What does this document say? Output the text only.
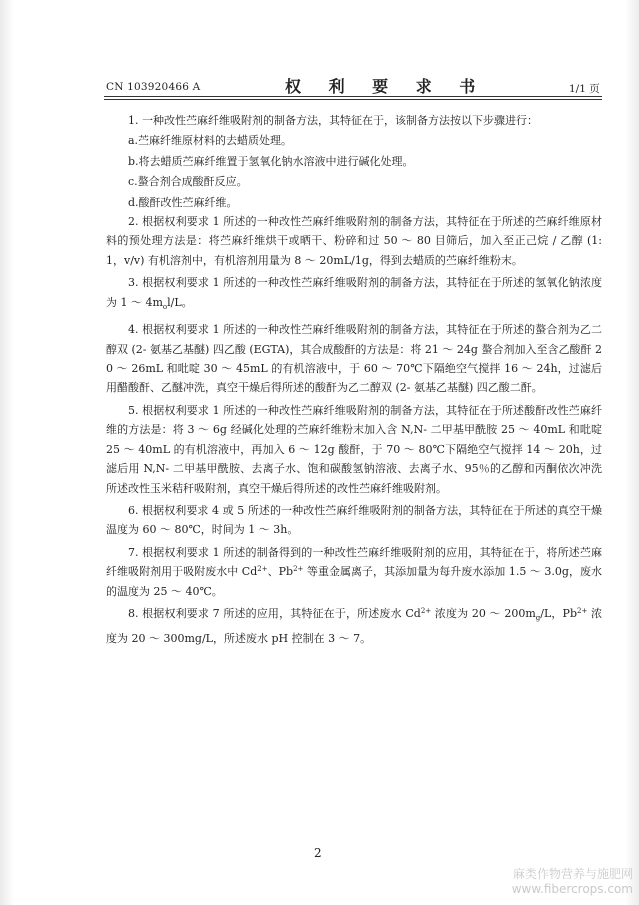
CN 103920466 A	权 利 要 求 书	1/1 页
1. 一种改性苎麻纤维吸附剂的制备方法，其特征在于，该制备方法按以下步骤进行：
a.苎麻纤维原材料的去蜡质处理。
b.将去蜡质苎麻纤维置于氢氧化钠水溶液中进行碱化处理。
c.螯合剂合成酸酐反应。
d.酸酐改性苎麻纤维。
2. 根据权利要求 1 所述的一种改性苎麻纤维吸附剂的制备方法，其特征在于所述的苎麻纤维原材料的预处理方法是：将苎麻纤维烘干或晒干、粉碎和过 50 ～ 80 目筛后，加入至正己烷 / 乙醇 (1:1，v/v) 有机溶剂中，有机溶剂用量为 8 ～ 20mL/1g，得到去蜡质的苎麻纤维粉末。
3. 根据权利要求 1 所述的一种改性苎麻纤维吸附剂的制备方法，其特征在于所述的氢氧化钠浓度为 1 ～ $4m_ol/L$。
4. 根据权利要求 1 所述的一种改性苎麻纤维吸附剂的制备方法，其特征在于所述的螯合剂为乙二醇双 (2- 氨基乙基醚) 四乙酸 (EGTA)，其合成酸酐的方法是：将 21 ～ 24g 螯合剂加入至含乙酸酐 20 ～ 26mL 和吡啶 30 ～ 45mL 的有机溶液中，于 60 ～ 70℃下隔绝空气搅拌 16 ～ 24h，过滤后用醋酸酐、乙醚冲洗，真空干燥后得所述的酸酐为乙二醇双 (2- 氨基乙基醚) 四乙酸二酐。
5. 根据权利要求 1 所述的一种改性苎麻纤维吸附剂的制备方法，其特征在于所述酸酐改性苎麻纤维的方法是：将 3 ～ 6g 经碱化处理的苎麻纤维粉末加入含 N,N- 二甲基甲酰胺 25 ～ 40mL 和吡啶 25 ～ 40mL 的有机溶液中，再加入 6 ～ 12g 酸酐，于 70 ～ 80℃下隔绝空气搅拌 14 ～ 20h，过滤后用 N,N- 二甲基甲酰胺、去离子水、饱和碳酸氢钠溶液、去离子水、95％的乙醇和丙酮依次冲洗所述改性玉米秸秆吸附剂，真空干燥后得所述的改性苎麻纤维吸附剂。
6. 根据权利要求 4 或 5 所述的一种改性苎麻纤维吸附剂的制备方法，其特征在于所述的真空干燥温度为 60 ～ 80℃，时间为 1 ～ 3h。
7. 根据权利要求 1 所述的制备得到的一种改性苎麻纤维吸附剂的应用，其特征在于，将所述苎麻纤维吸附剂用于吸附废水中 $Cd^{2+}$、$Pb^{2+}$ 等重金属离子，其添加量为每升废水添加 1.5 ～ 3.0g，废水的温度为 25 ～ 40℃。
8. 根据权利要求 7 所述的应用，其特征在于，所述废水 $Cd^{2+}$ 浓度为 20 ～ $200m_g/L$，$Pb^{2+}$ 浓度为 20 ～ 300mg/L，所述废水 pH 控制在 3 ～ 7。
2
麻类作物营养与施肥网
www.fibercrops.com
